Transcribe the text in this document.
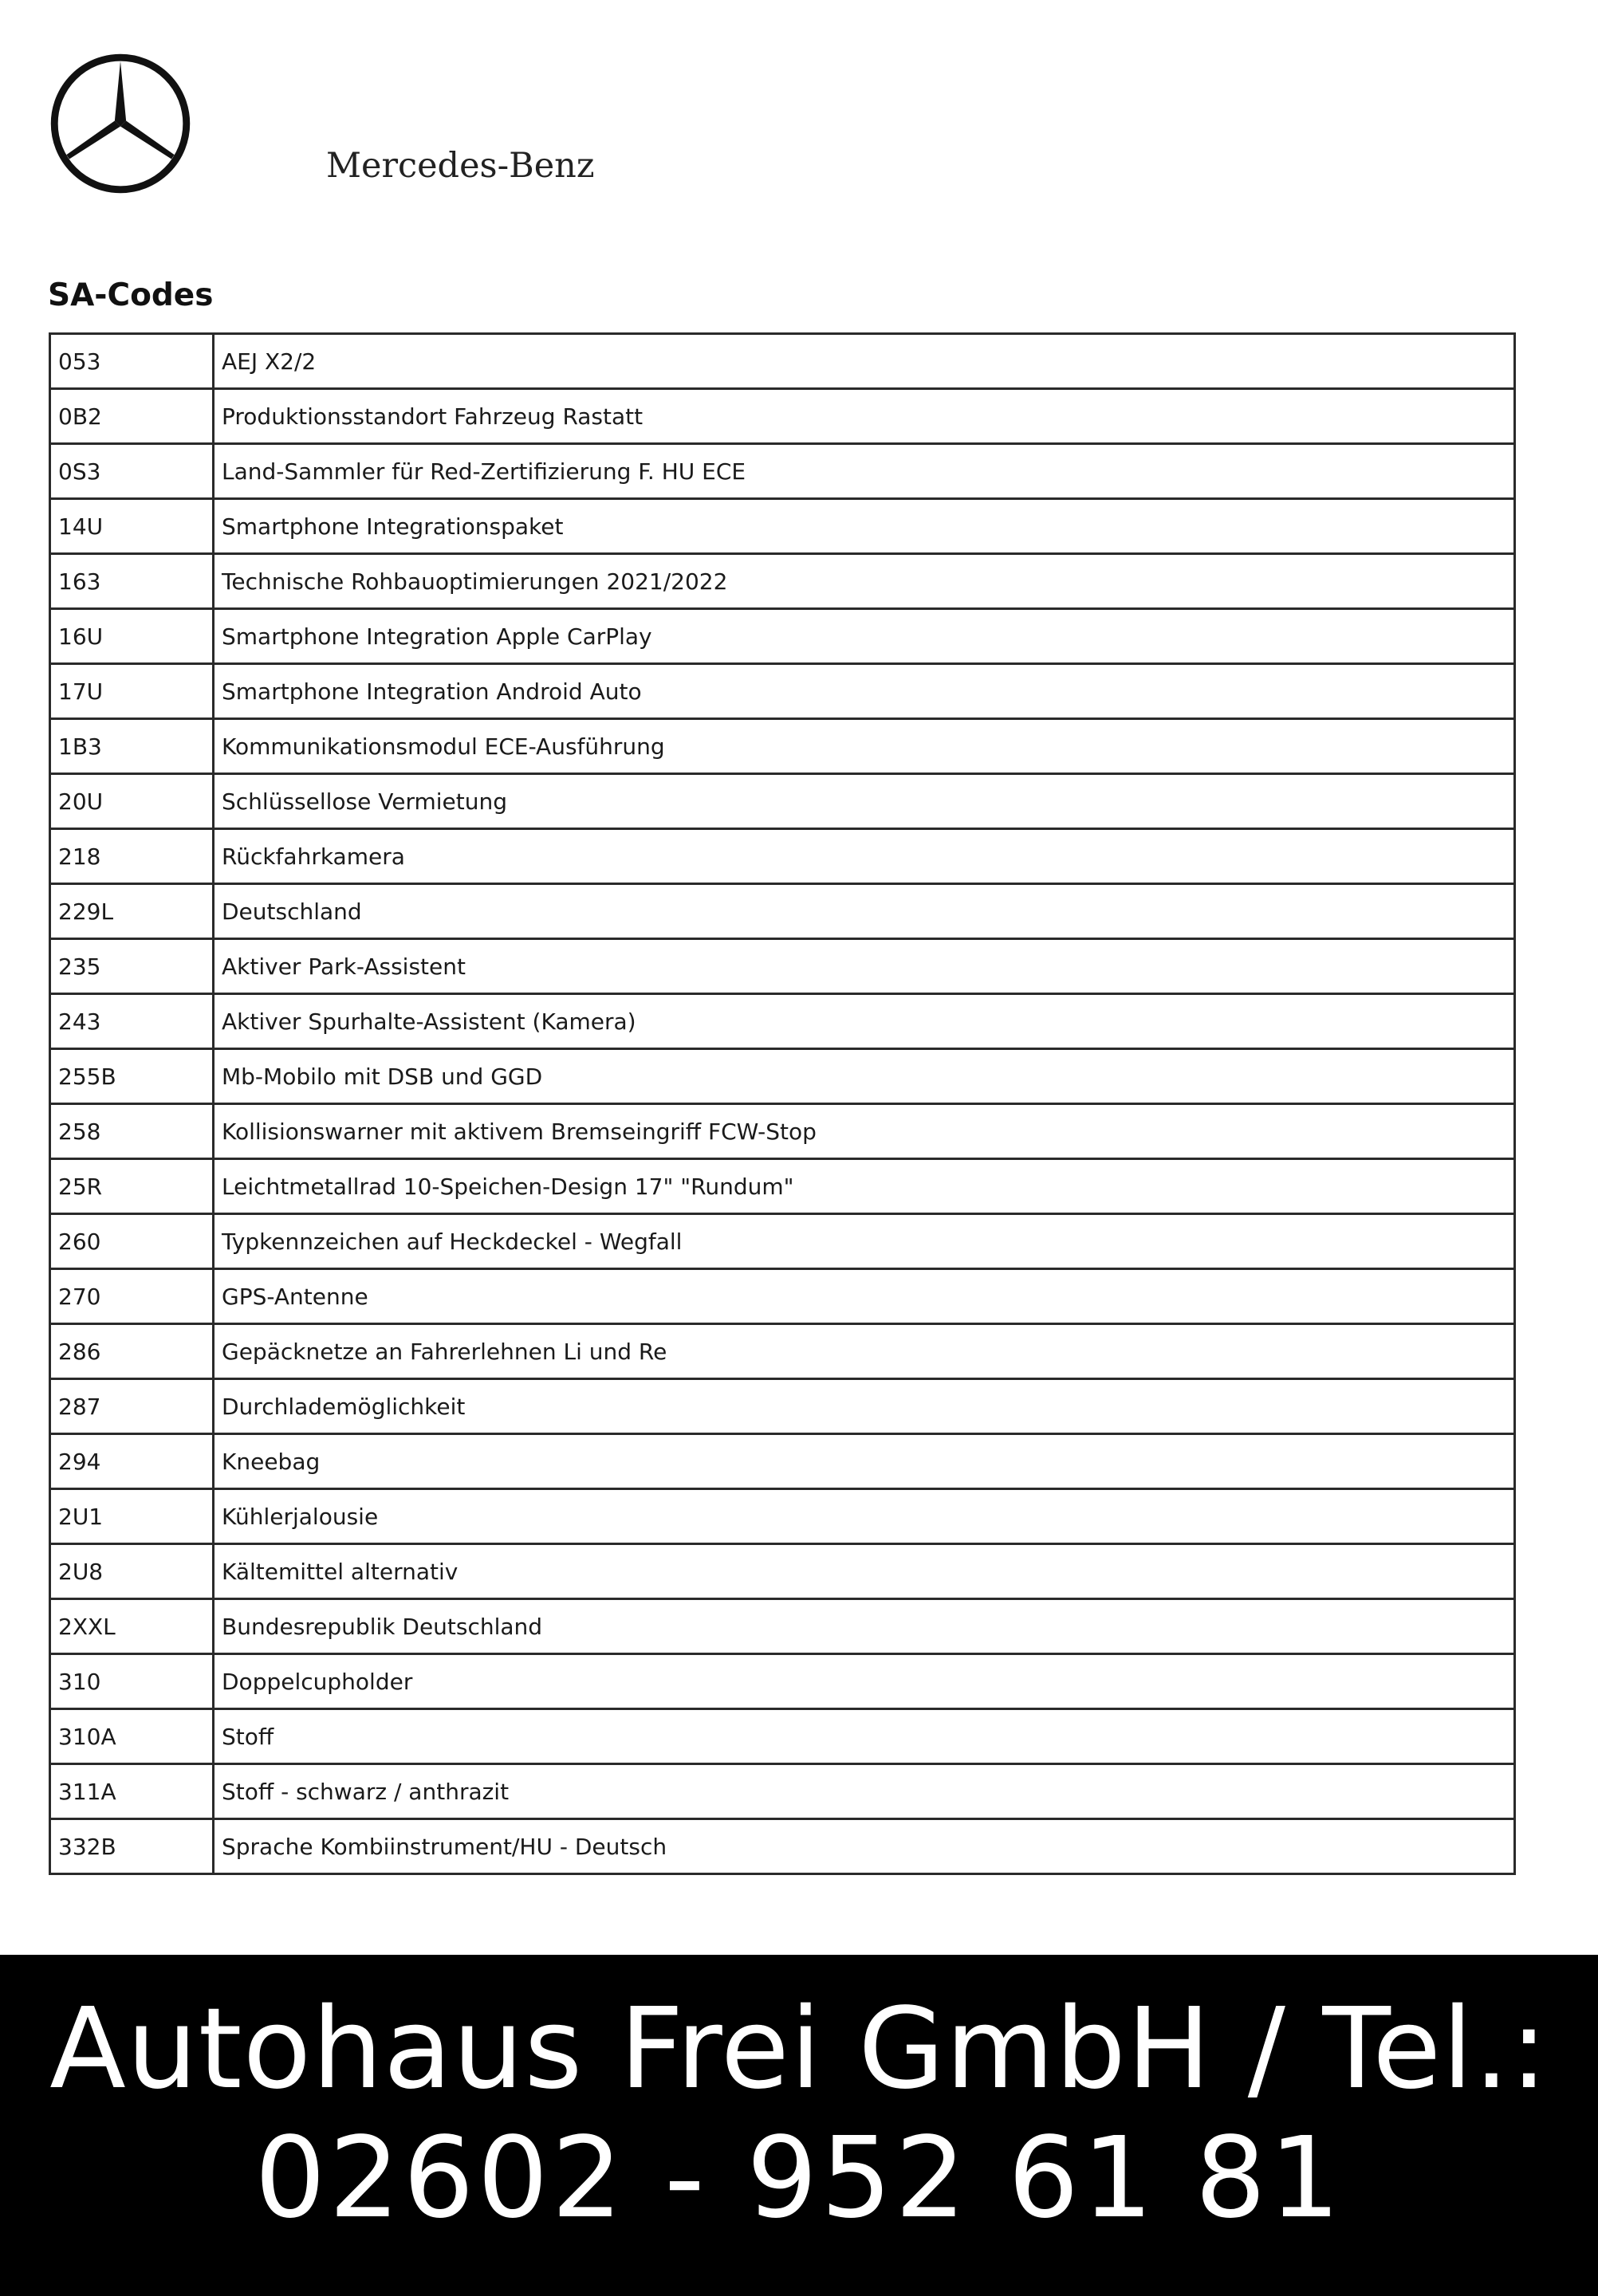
Mercedes-Benz
SA-Codes
053	AEJ X2/2
0B2	Produktionsstandort Fahrzeug Rastatt
0S3	Land-Sammler für Red-Zertifizierung F. HU ECE
14U	Smartphone Integrationspaket
163	Technische Rohbauoptimierungen 2021/2022
16U	Smartphone Integration Apple CarPlay
17U	Smartphone Integration Android Auto
1B3	Kommunikationsmodul ECE-Ausführung
20U	Schlüssellose Vermietung
218	Rückfahrkamera
229L	Deutschland
235	Aktiver Park-Assistent
243	Aktiver Spurhalte-Assistent (Kamera)
255B	Mb-Mobilo mit DSB und GGD
258	Kollisionswarner mit aktivem Bremseingriff FCW-Stop
25R	Leichtmetallrad 10-Speichen-Design 17" "Rundum"
260	Typkennzeichen auf Heckdeckel - Wegfall
270	GPS-Antenne
286	Gepäcknetze an Fahrerlehnen Li und Re
287	Durchlademöglichkeit
294	Kneebag
2U1	Kühlerjalousie
2U8	Kältemittel alternativ
2XXL	Bundesrepublik Deutschland
310	Doppelcupholder
310A	Stoff
311A	Stoff - schwarz / anthrazit
332B	Sprache Kombiinstrument/HU - Deutsch
Autohaus Frei GmbH / Tel.:
02602 - 952 61 81
